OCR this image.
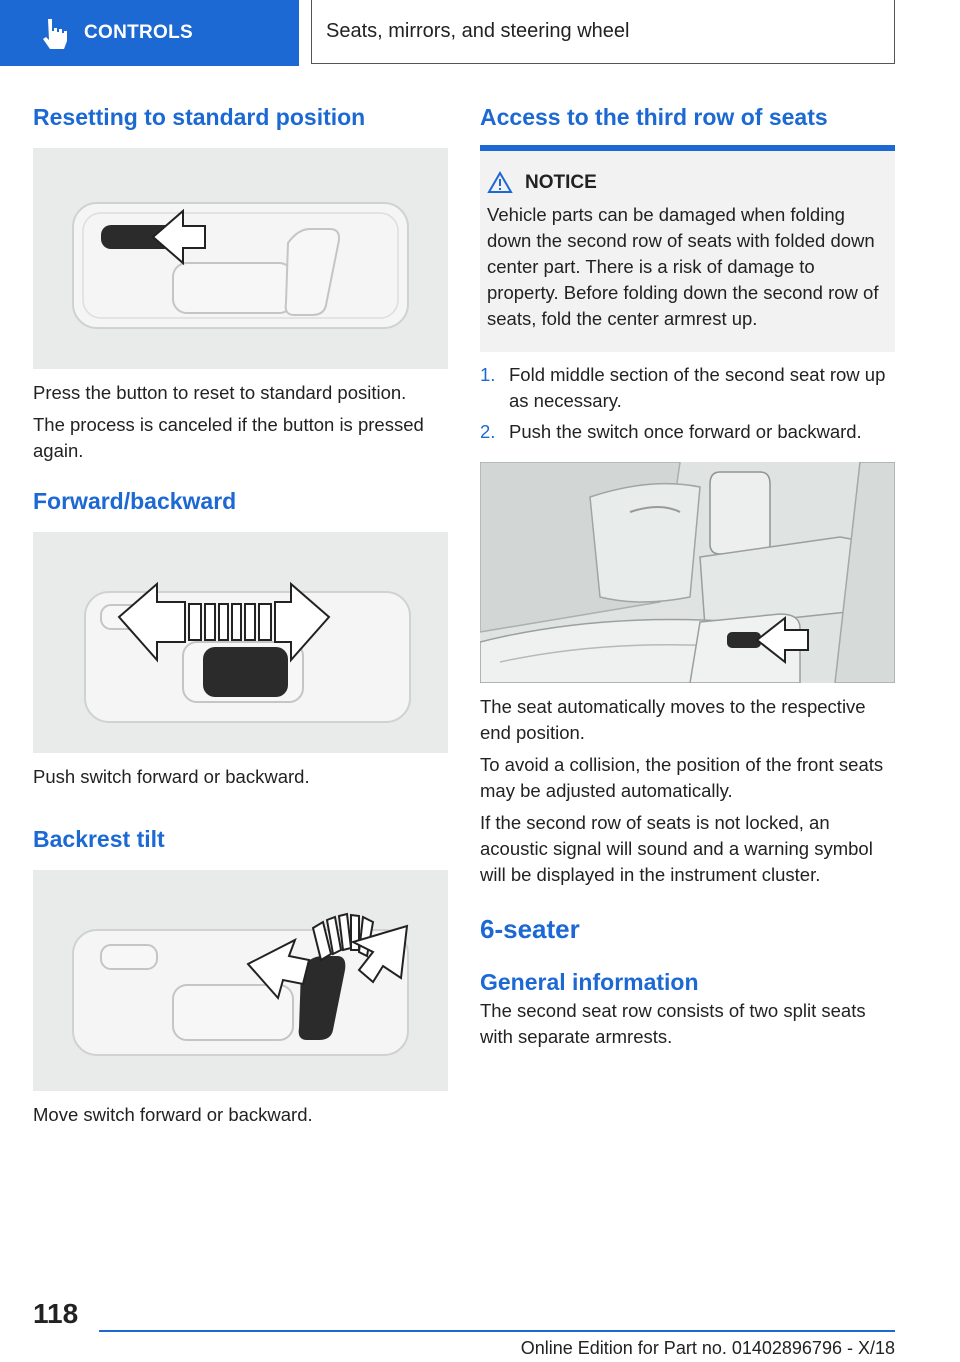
CONTROLS	Seats, mirrors, and steering wheel
Resetting to standard position

Press the button to reset to standard position.

The process is canceled if the button is pressed again.

Forward/backward

Push switch forward or backward.

Backrest tilt

Move switch forward or backward.

Access to the third row of seats
NOTICE

Vehicle parts can be damaged when folding down the second row of seats with folded down center part. There is a risk of damage to property. Before folding down the second row of seats, fold the center armrest up.

1. Fold middle section of the second seat row up as necessary.
2. Push the switch once forward or backward.

The seat automatically moves to the respective end position.

To avoid a collision, the position of the front seats may be adjusted automatically.

If the second row of seats is not locked, an acoustic signal will sound and a warning symbol will be displayed in the instrument cluster.

6-seater
General information

The second seat row consists of two split seats with separate armrests.

118
Online Edition for Part no. 01402896796 - X/18
